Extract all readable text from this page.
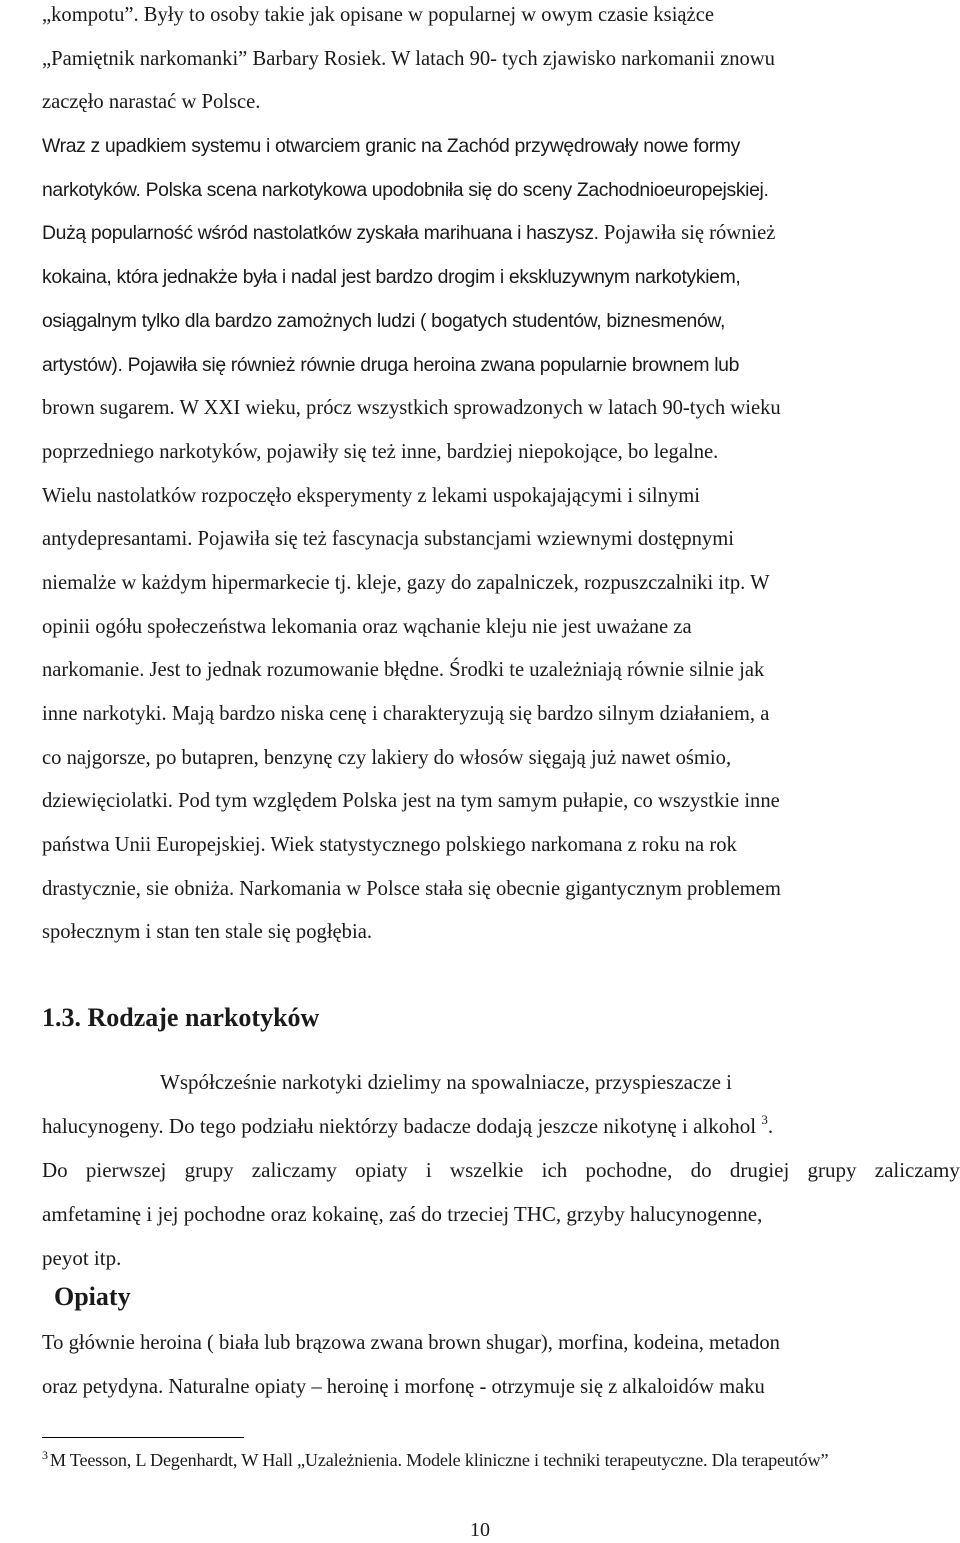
„kompotu”. Były to osoby takie jak opisane w popularnej w owym czasie książce
„Pamiętnik narkomanki” Barbary Rosiek. W latach 90- tych zjawisko narkomanii znowu
zaczęło narastać w Polsce.
Wraz z upadkiem systemu i otwarciem granic na Zachód przywędrowały nowe formy
narkotyków. Polska scena narkotykowa upodobniła się do sceny Zachodnioeuropejskiej.
Dużą popularność wśród nastolatków zyskała marihuana i haszysz. Pojawiła się również
kokaina, która jednakże była i nadal jest bardzo drogim i ekskluzywnym narkotykiem,
osiągalnym tylko dla bardzo zamożnych ludzi ( bogatych studentów, biznesmenów,
artystów). Pojawiła się również równie druga heroina zwana popularnie brownem lub
brown sugarem. W XXI wieku, prócz wszystkich sprowadzonych w latach 90-tych wieku
poprzedniego narkotyków, pojawiły się też inne, bardziej niepokojące, bo legalne.
Wielu nastolatków rozpoczęło eksperymenty z lekami uspokajającymi i silnymi
antydepresantami. Pojawiła się też fascynacja substancjami wziewnymi dostępnymi
niemalże w każdym hipermarkecie tj. kleje, gazy do zapalniczek, rozpuszczalniki itp. W
opinii ogółu społeczeństwa lekomania oraz wąchanie kleju nie jest uważane za
narkomanie. Jest to jednak rozumowanie błędne. Środki te uzależniają równie silnie jak
inne narkotyki. Mają bardzo niska cenę i charakteryzują się bardzo silnym działaniem, a
co najgorsze, po butapren, benzynę czy lakiery do włosów sięgają już nawet ośmio,
dziewięciolatki. Pod tym względem Polska jest na tym samym pułapie, co wszystkie inne
państwa Unii Europejskiej. Wiek statystycznego polskiego narkomana z roku na rok
drastycznie, sie obniża. Narkomania w Polsce stała się obecnie gigantycznym problemem
społecznym i stan ten stale się pogłębia.
1.3. Rodzaje narkotyków
Współcześnie narkotyki dzielimy na spowalniacze, przyspieszacze i
halucynogeny. Do tego podziału niektórzy badacze dodają jeszcze nikotynę i alkohol $^3$.
Do pierwszej grupy zaliczamy opiaty i wszelkie ich pochodne, do drugiej grupy zaliczamy
amfetaminę i jej pochodne oraz kokainę, zaś do trzeciej THC, grzyby halucynogenne,
peyot itp.
Opiaty
To głównie heroina ( biała lub brązowa zwana brown shugar), morfina, kodeina, metadon
oraz petydyna. Naturalne opiaty – heroinę i morfonę - otrzymuje się z alkaloidów maku
$^3$ M Teesson, L Degenhardt, W Hall „Uzależnienia. Modele kliniczne i techniki terapeutyczne. Dla terapeutów”
10
